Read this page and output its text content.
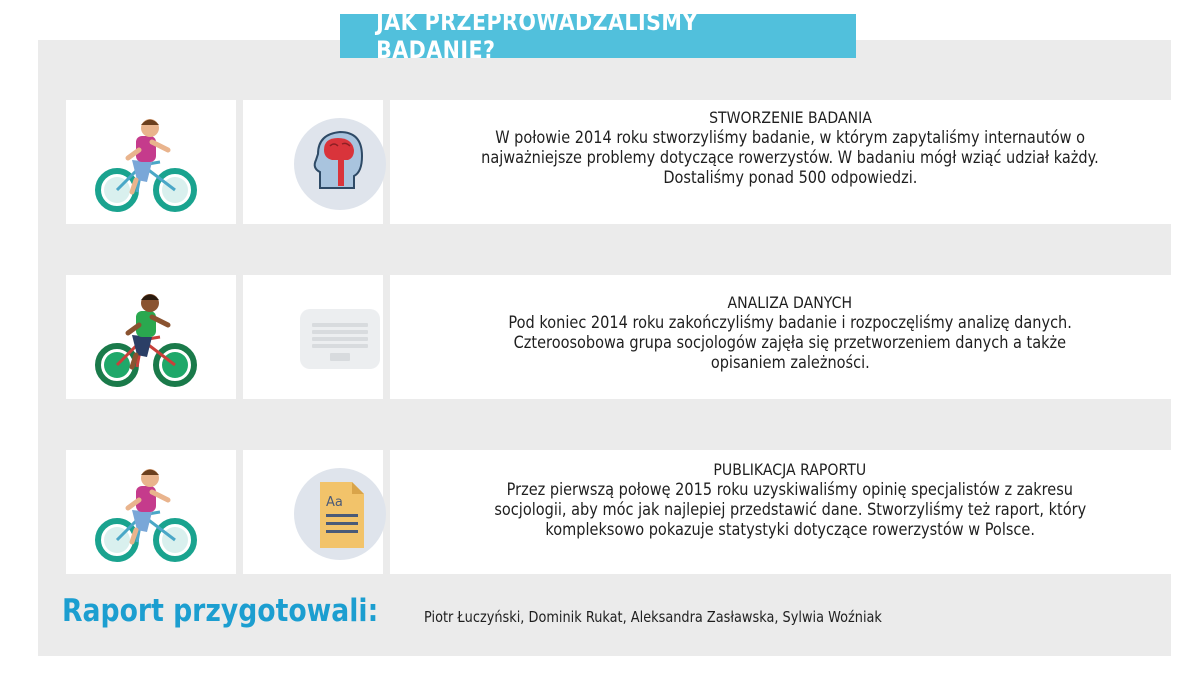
JAK PRZEPROWADZALIŚMY BADANIE?
Aa
STWORZENIE BADANIA
W połowie 2014 roku stworzyliśmy badanie, w którym zapytaliśmy internautów o
najważniejsze problemy dotyczące rowerzystów. W badaniu mógł wziąć udział każdy.
Dostaliśmy ponad 500 odpowiedzi.
ANALIZA DANYCH
Pod koniec 2014 roku zakończyliśmy badanie i rozpoczęliśmy analizę danych.
Czteroosobowa grupa socjologów zajęła się przetworzeniem danych a także
opisaniem zależności.
PUBLIKACJA RAPORTU
Przez pierwszą połowę 2015 roku uzyskiwaliśmy opinię specjalistów z zakresu
socjologii, aby móc jak najlepiej przedstawić dane. Stworzyliśmy też raport, który
kompleksowo pokazuje statystyki dotyczące rowerzystów w Polsce.
Raport przygotowali:	Piotr Łuczyński, Dominik Rukat, Aleksandra Zasławska, Sylwia Woźniak
